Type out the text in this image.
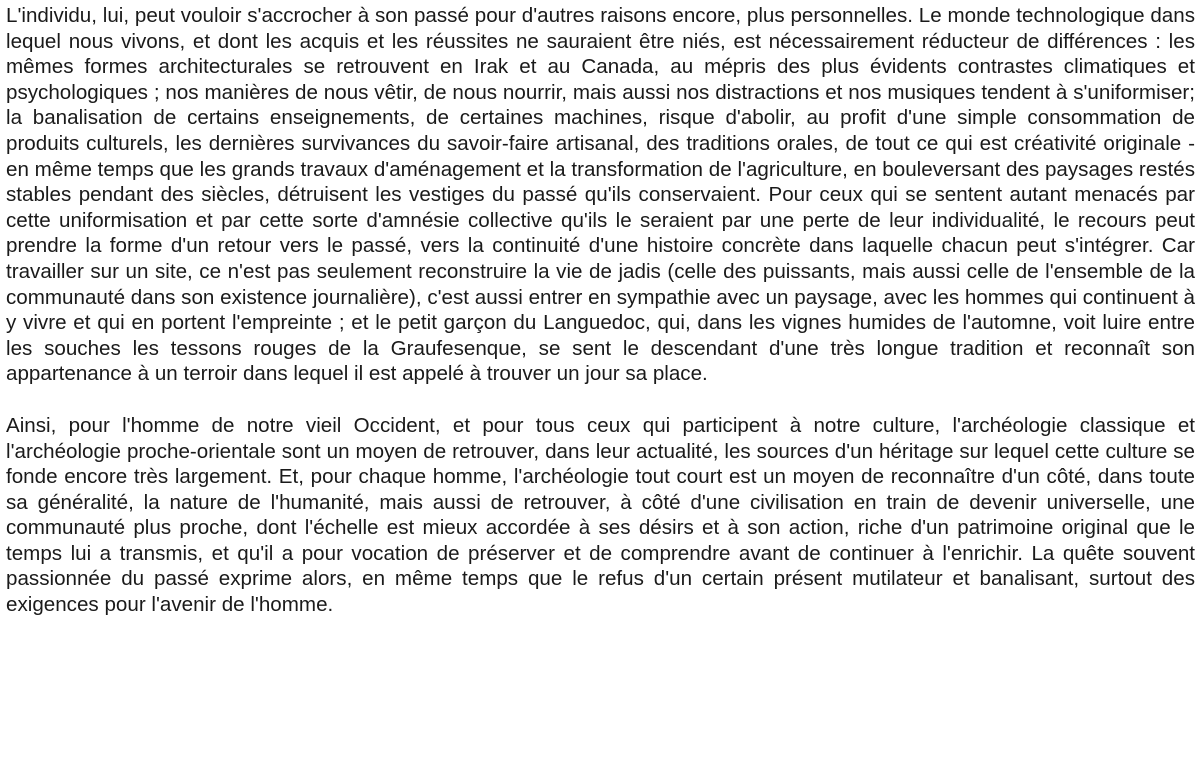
L'individu, lui, peut vouloir s'accrocher à son passé pour d'autres raisons encore, plus personnelles. Le monde technologique dans lequel nous vivons, et dont les acquis et les réussites ne sauraient être niés, est nécessairement réducteur de différences : les mêmes formes architecturales se retrouvent en Irak et au Canada, au mépris des plus évidents contrastes climatiques et psychologiques ; nos manières de nous vêtir, de nous nourrir, mais aussi nos distractions et nos musiques tendent à s'uniformiser; la banalisation de certains enseignements, de certaines machines, risque d'abolir, au profit d'une simple consommation de produits culturels, les dernières survivances du savoir-faire artisanal, des traditions orales, de tout ce qui est créativité originale - en même temps que les grands travaux d'aménagement et la transformation de l'agriculture, en bouleversant des paysages restés stables pendant des siècles, détruisent les vestiges du passé qu'ils conservaient. Pour ceux qui se sentent autant menacés par cette uniformisation et par cette sorte d'amnésie collective qu'ils le seraient par une perte de leur individualité, le recours peut prendre la forme d'un retour vers le passé, vers la continuité d'une histoire concrète dans laquelle chacun peut s'intégrer. Car travailler sur un site, ce n'est pas seulement reconstruire la vie de jadis (celle des puissants, mais aussi celle de l'ensemble de la communauté dans son existence journalière), c'est aussi entrer en sympathie avec un paysage, avec les hommes qui continuent à y vivre et qui en portent l'empreinte ; et le petit garçon du Languedoc, qui, dans les vignes humides de l'automne, voit luire entre les souches les tessons rouges de la Graufesenque, se sent le descendant d'une très longue tradition et reconnaît son appartenance à un terroir dans lequel il est appelé à trouver un jour sa place.

Ainsi, pour l'homme de notre vieil Occident, et pour tous ceux qui participent à notre culture, l'archéologie classique et l'archéologie proche-orientale sont un moyen de retrouver, dans leur actualité, les sources d'un héritage sur lequel cette culture se fonde encore très largement. Et, pour chaque homme, l'archéologie tout court est un moyen de reconnaître d'un côté, dans toute sa généralité, la nature de l'humanité, mais aussi de retrouver, à côté d'une civilisation en train de devenir universelle, une communauté plus proche, dont l'échelle est mieux accordée à ses désirs et à son action, riche d'un patrimoine original que le temps lui a transmis, et qu'il a pour vocation de préserver et de comprendre avant de continuer à l'enrichir. La quête souvent passionnée du passé exprime alors, en même temps que le refus d'un certain présent mutilateur et banalisant, surtout des exigences pour l'avenir de l'homme.
